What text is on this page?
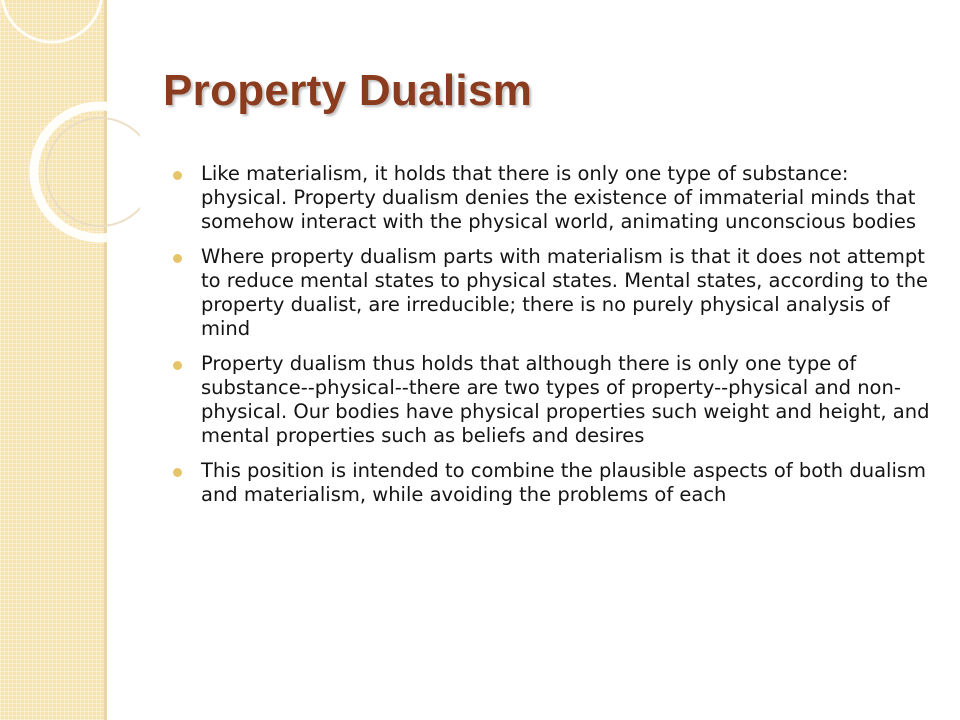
Property Dualism
Like materialism, it holds that there is only one type of substance: physical. Property dualism denies the existence of immaterial minds that somehow interact with the physical world, animating unconscious bodies
Where property dualism parts with materialism is that it does not attempt to reduce mental states to physical states. Mental states, according to the property dualist, are irreducible; there is no purely physical analysis of mind
Property dualism thus holds that although there is only one type of substance--physical--there are two types of property--physical and non-physical. Our bodies have physical properties such weight and height, and mental properties such as beliefs and desires
This position is intended to combine the plausible aspects of both dualism and materialism, while avoiding the problems of each
